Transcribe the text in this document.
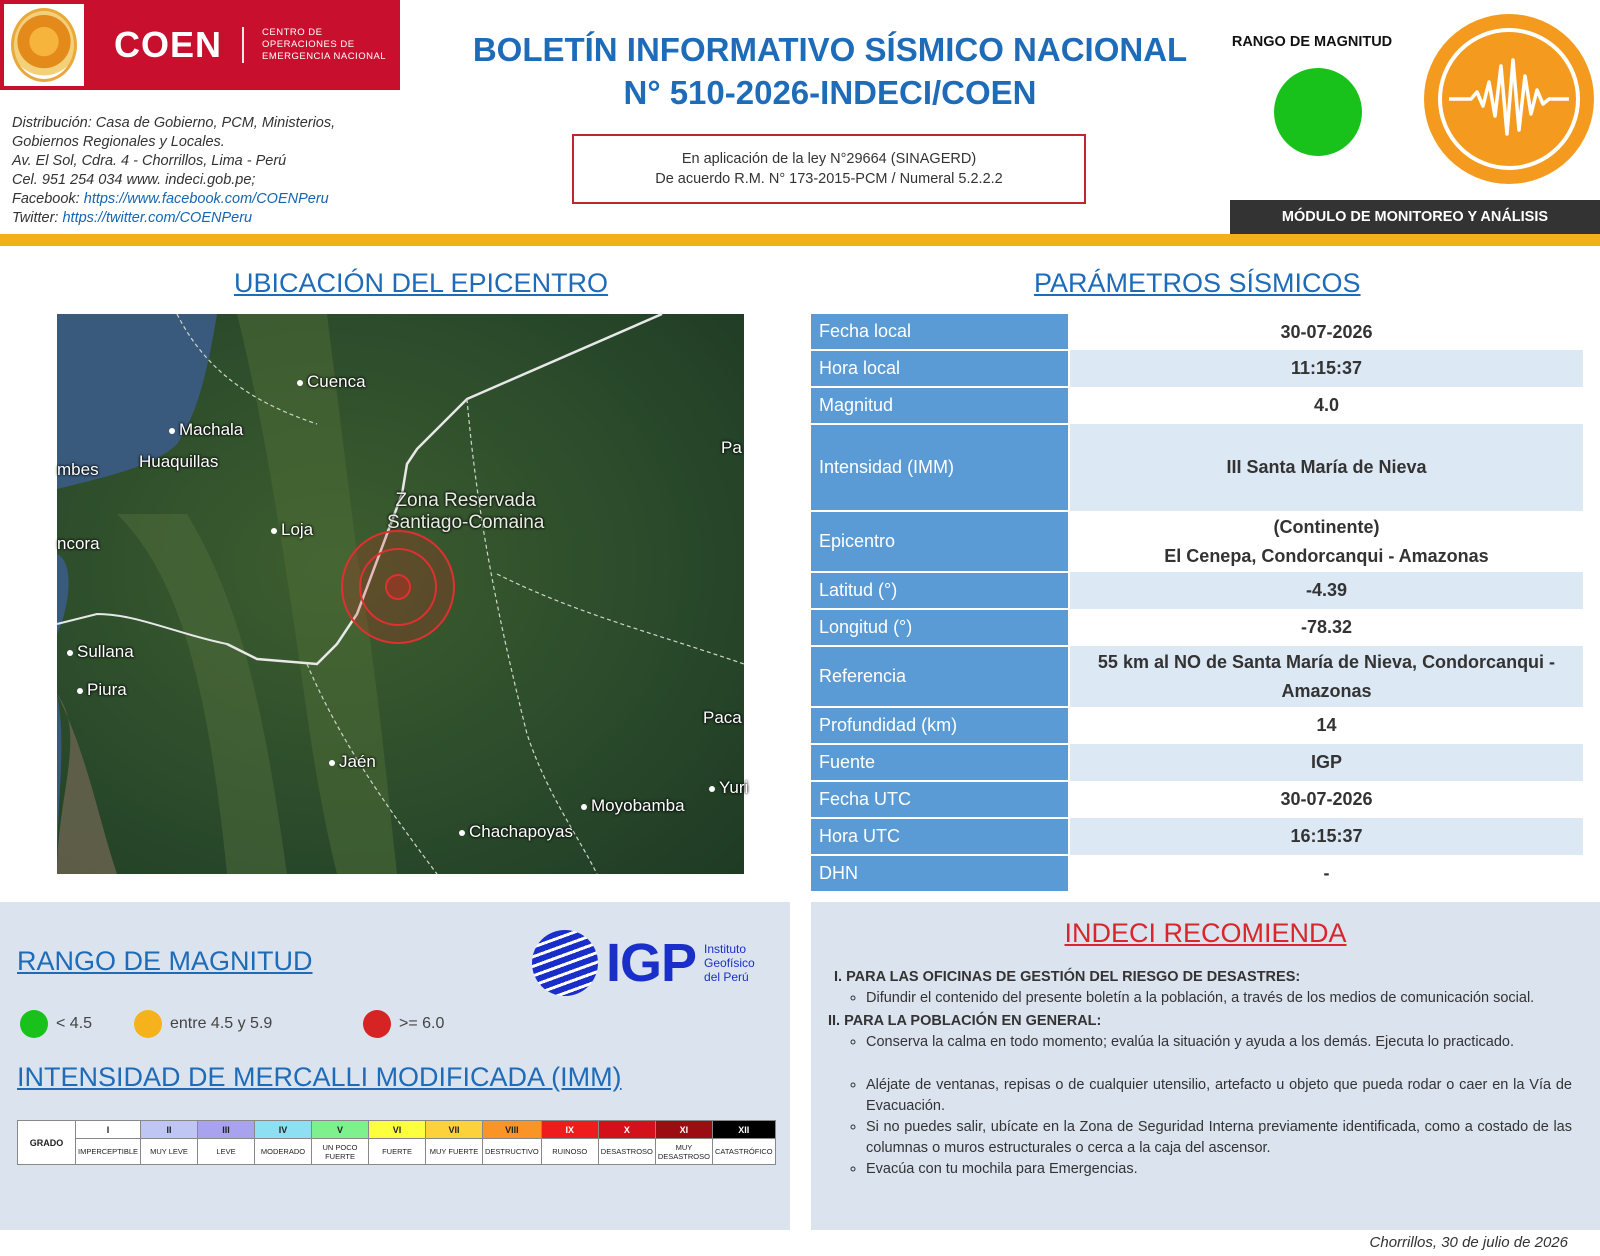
COEN	CENTRO DE
OPERACIONES DE
EMERGENCIA NACIONAL
Distribución: Casa de Gobierno, PCM, Ministerios,
Gobiernos Regionales y Locales.
Av. El Sol, Cdra. 4 - Chorrillos, Lima - Perú
Cel. 951 254 034 www. indeci.gob.pe;
Facebook: https://www.facebook.com/COENPeru
Twitter: https://twitter.com/COENPeru
BOLETÍN INFORMATIVO SÍSMICO NACIONAL
N° 510-2026-INDECI/COEN
En aplicación de la ley N°29664 (SINAGERD)
De acuerdo R.M. N° 173-2015-PCM / Numeral 5.2.2.2
RANGO DE MAGNITUD
MÓDULO DE MONITOREO Y ANÁLISIS
UBICACIÓN DEL EPICENTRO
Cuenca
Machala
Huaquillas
mbes
Loja
Zona Reservada
Santiago-Comaina
ncora
Sullana
Piura
Jaén
Moyobamba
Chachapoyas
Yuri
Pa
Paca
PARÁMETROS SÍSMICOS
Fecha local	30-07-2026
Hora local	11:15:37
Magnitud	4.0
Intensidad (IMM)	III Santa María de Nieva
Epicentro	(Continente)
El Cenepa, Condorcanqui - Amazonas

Latitud (°)	-4.39
Longitud (°)	-78.32
Referencia	55 km al NO de Santa María de Nieva, Condorcanqui -
Amazonas

Profundidad (km)	14
Fuente	IGP
Fecha UTC	30-07-2026
Hora UTC	16:15:37
DHN	-
RANGO DE MAGNITUD	IGP Instituto
Geofísico
del Perú
< 4.5	entre 4.5 y 5.9	>= 6.0
INTENSIDAD DE MERCALLI MODIFICADA (IMM)
GRADO	I	II	III	IV	V	VI	VII	VIII	IX	X	XI	XII
	IMPERCEPTIBLE	MUY LEVE	LEVE	MODERADO	UN POCO FUERTE	FUERTE	MUY FUERTE	DESTRUCTIVO	RUINOSO	DESASTROSO	MUY DESASTROSO	CATASTRÓFICO
INDECI RECOMIENDA
I. PARA LAS OFICINAS DE GESTIÓN DEL RIESGO DE DESASTRES:
◦ Difundir el contenido del presente boletín a la población, a través de los medios de comunicación social.
II. PARA LA POBLACIÓN EN GENERAL:
◦ Conserva la calma en todo momento; evalúa la situación y ayuda a los demás. Ejecuta lo practicado.
◦ Aléjate de ventanas, repisas o de cualquier utensilio, artefacto u objeto que pueda rodar o caer en la Vía de Evacuación.
◦ Si no puedes salir, ubícate en la Zona de Seguridad Interna previamente identificada, como a costado de las columnas o muros estructurales o cerca a la caja del ascensor.
◦ Evacúa con tu mochila para Emergencias.
Chorrillos, 30 de julio de 2026
